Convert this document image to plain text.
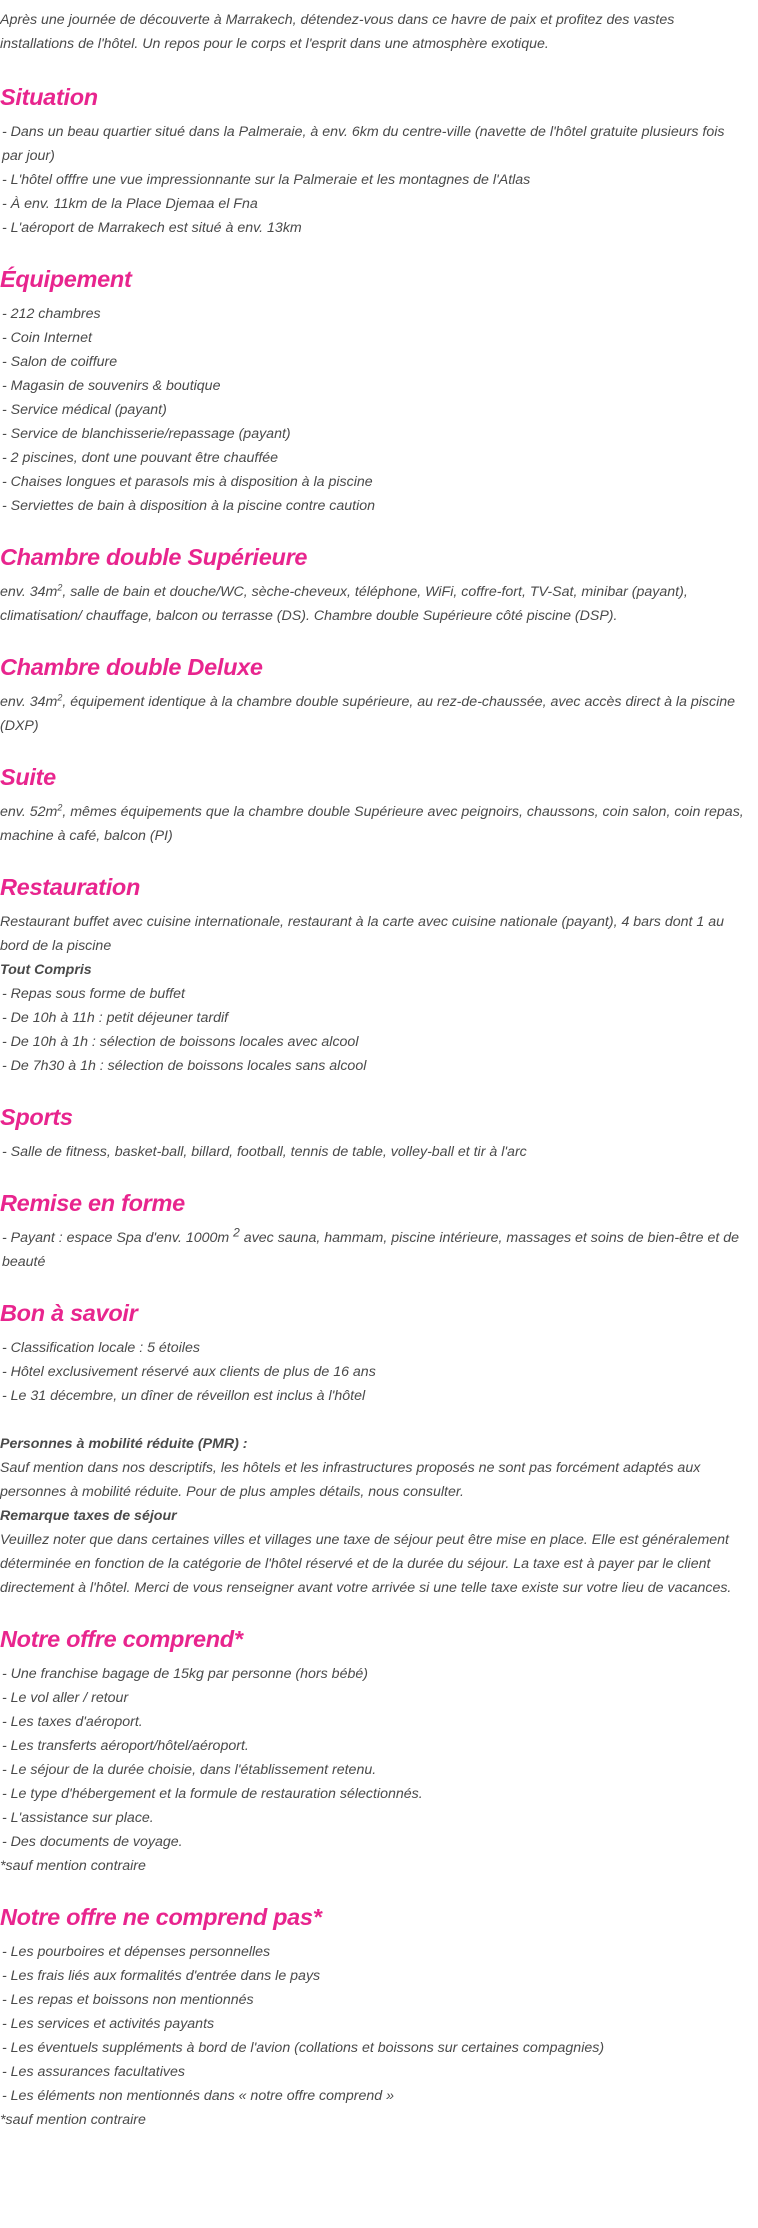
Après une journée de découverte à Marrakech, détendez-vous dans ce havre de paix et profitez des vastes installations de l'hôtel. Un repos pour le corps et l'esprit dans une atmosphère exotique.

Situation
- Dans un beau quartier situé dans la Palmeraie, à env. 6km du centre-ville (navette de l'hôtel gratuite plusieurs fois par jour)
- L'hôtel offfre une vue impressionnante sur la Palmeraie et les montagnes de l'Atlas
- À env. 11km de la Place Djemaa el Fna
- L'aéroport de Marrakech est situé à env. 13km
Équipement
- 212 chambres
- Coin Internet
- Salon de coiffure
- Magasin de souvenirs & boutique
- Service médical (payant)
- Service de blanchisserie/repassage (payant)
- 2 piscines, dont une pouvant être chauffée
- Chaises longues et parasols mis à disposition à la piscine
- Serviettes de bain à disposition à la piscine contre caution
Chambre double Supérieure

env. $34m^2$, salle de bain et douche/WC, sèche-cheveux, téléphone, WiFi, coffre-fort, TV-Sat, minibar (payant), climatisation/ chauffage, balcon ou terrasse (DS). Chambre double Supérieure côté piscine (DSP).

Chambre double Deluxe

env. $34m^2$, équipement identique à la chambre double supérieure, au rez-de-chaussée, avec accès direct à la piscine (DXP)

Suite

env. $52m^2$, mêmes équipements que la chambre double Supérieure avec peignoirs, chaussons, coin salon, coin repas, machine à café, balcon (PI)

Restauration

Restaurant buffet avec cuisine internationale, restaurant à la carte avec cuisine nationale (payant), 4 bars dont 1 au bord de la piscine

Tout Compris

- Repas sous forme de buffet
- De 10h à 11h : petit déjeuner tardif
- De 10h à 1h : sélection de boissons locales avec alcool
- De 7h30 à 1h : sélection de boissons locales sans alcool
Sports
- Salle de fitness, basket-ball, billard, football, tennis de table, volley-ball et tir à l'arc
Remise en forme

- Payant : espace Spa d'env. 1000m $^2$ avec sauna, hammam, piscine intérieure, massages et soins de bien-être et de beauté

Bon à savoir
- Classification locale : 5 étoiles
- Hôtel exclusivement réservé aux clients de plus de 16 ans
- Le 31 décembre, un dîner de réveillon est inclus à l'hôtel

Personnes à mobilité réduite (PMR) :

Sauf mention dans nos descriptifs, les hôtels et les infrastructures proposés ne sont pas forcément adaptés aux personnes à mobilité réduite. Pour de plus amples détails, nous consulter.

Remarque taxes de séjour

Veuillez noter que dans certaines villes et villages une taxe de séjour peut être mise en place. Elle est généralement déterminée en fonction de la catégorie de l'hôtel réservé et de la durée du séjour. La taxe est à payer par le client directement à l'hôtel. Merci de vous renseigner avant votre arrivée si une telle taxe existe sur votre lieu de vacances.

Notre offre comprend*
- Une franchise bagage de 15kg par personne (hors bébé)
- Le vol aller / retour
- Les taxes d'aéroport.
- Les transferts aéroport/hôtel/aéroport.
- Le séjour de la durée choisie, dans l'établissement retenu.
- Le type d'hébergement et la formule de restauration sélectionnés.
- L'assistance sur place.
- Des documents de voyage.
*sauf mention contraire
Notre offre ne comprend pas*
- Les pourboires et dépenses personnelles
- Les frais liés aux formalités d'entrée dans le pays
- Les repas et boissons non mentionnés
- Les services et activités payants
- Les éventuels suppléments à bord de l'avion (collations et boissons sur certaines compagnies)
- Les assurances facultatives
- Les éléments non mentionnés dans « notre offre comprend »
*sauf mention contraire
